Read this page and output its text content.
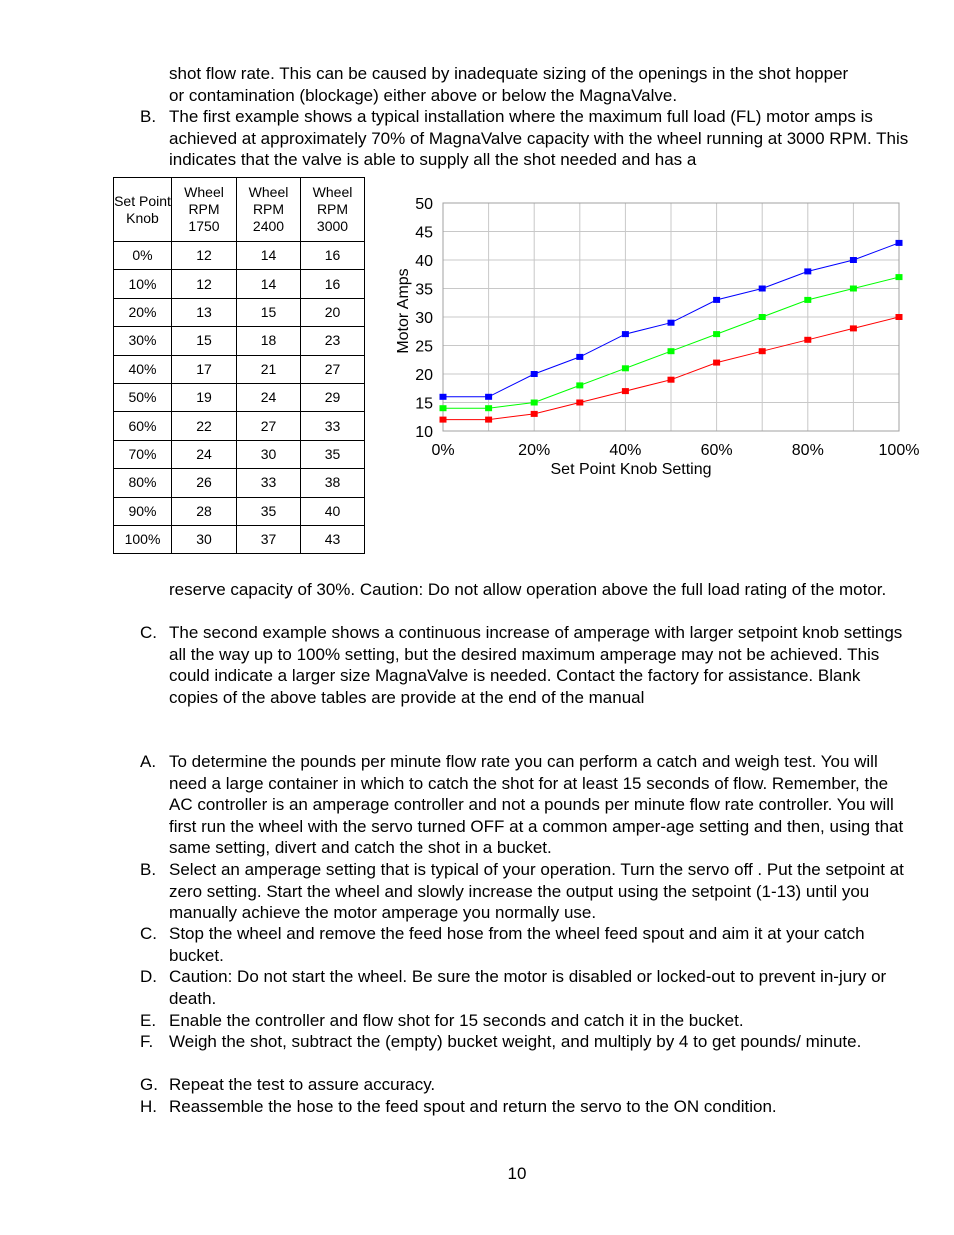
shot flow rate. This can be caused by inadequate sizing of the openings in the shot hopper
or contamination (blockage) either above or below the MagnaValve.
B. The first example shows a typical installation where the maximum full load (FL) motor amps is achieved at approximately 70% of MagnaValve capacity with the wheel running at 3000 RPM. This indicates that the valve is able to supply all the shot needed and has a
Set Point Knob	Wheel RPM 1750	Wheel RPM 2400	Wheel RPM 3000
0%	12	14	16
10%	12	14	16
20%	13	15	20
30%	15	18	23
40%	17	21	27
50%	19	24	29
60%	22	27	33
70%	24	30	35
80%	26	33	38
90%	28	35	40
100%	30	37	43
10
15
20
25
30
35
40
45
50
0%	20%	40%	60%	80%	100%
Set Point Knob Setting
Motor Amps
reserve capacity of 30%. Caution: Do not allow operation above the full load rating of the motor.
C. The second example shows a continuous increase of amperage with larger setpoint knob settings all the way up to 100% setting, but the desired maximum amperage may not be achieved. This could indicate a larger size MagnaValve is needed. Contact the factory for assistance. Blank copies of the above tables are provide at the end of the manual
A. To determine the pounds per minute flow rate you can perform a catch and weigh test. You will need a large container in which to catch the shot for at least 15 seconds of flow. Remember, the AC controller is an amperage controller and not a pounds per minute flow rate controller. You will first run the wheel with the servo turned OFF at a common amper-age setting and then, using that same setting, divert and catch the shot in a bucket.
B. Select an amperage setting that is typical of your operation. Turn the servo off . Put the setpoint at zero setting. Start the wheel and slowly increase the output using the setpoint (1-13) until you manually achieve the motor amperage you normally use.
C. Stop the wheel and remove the feed hose from the wheel feed spout and aim it at your catch bucket.
D. Caution: Do not start the wheel. Be sure the motor is disabled or locked-out to prevent in-jury or death.
E. Enable the controller and flow shot for 15 seconds and catch it in the bucket.
F. Weigh the shot, subtract the (empty) bucket weight, and multiply by 4 to get pounds/ minute.
G. Repeat the test to assure accuracy.
H. Reassemble the hose to the feed spout and return the servo to the ON condition.
10
